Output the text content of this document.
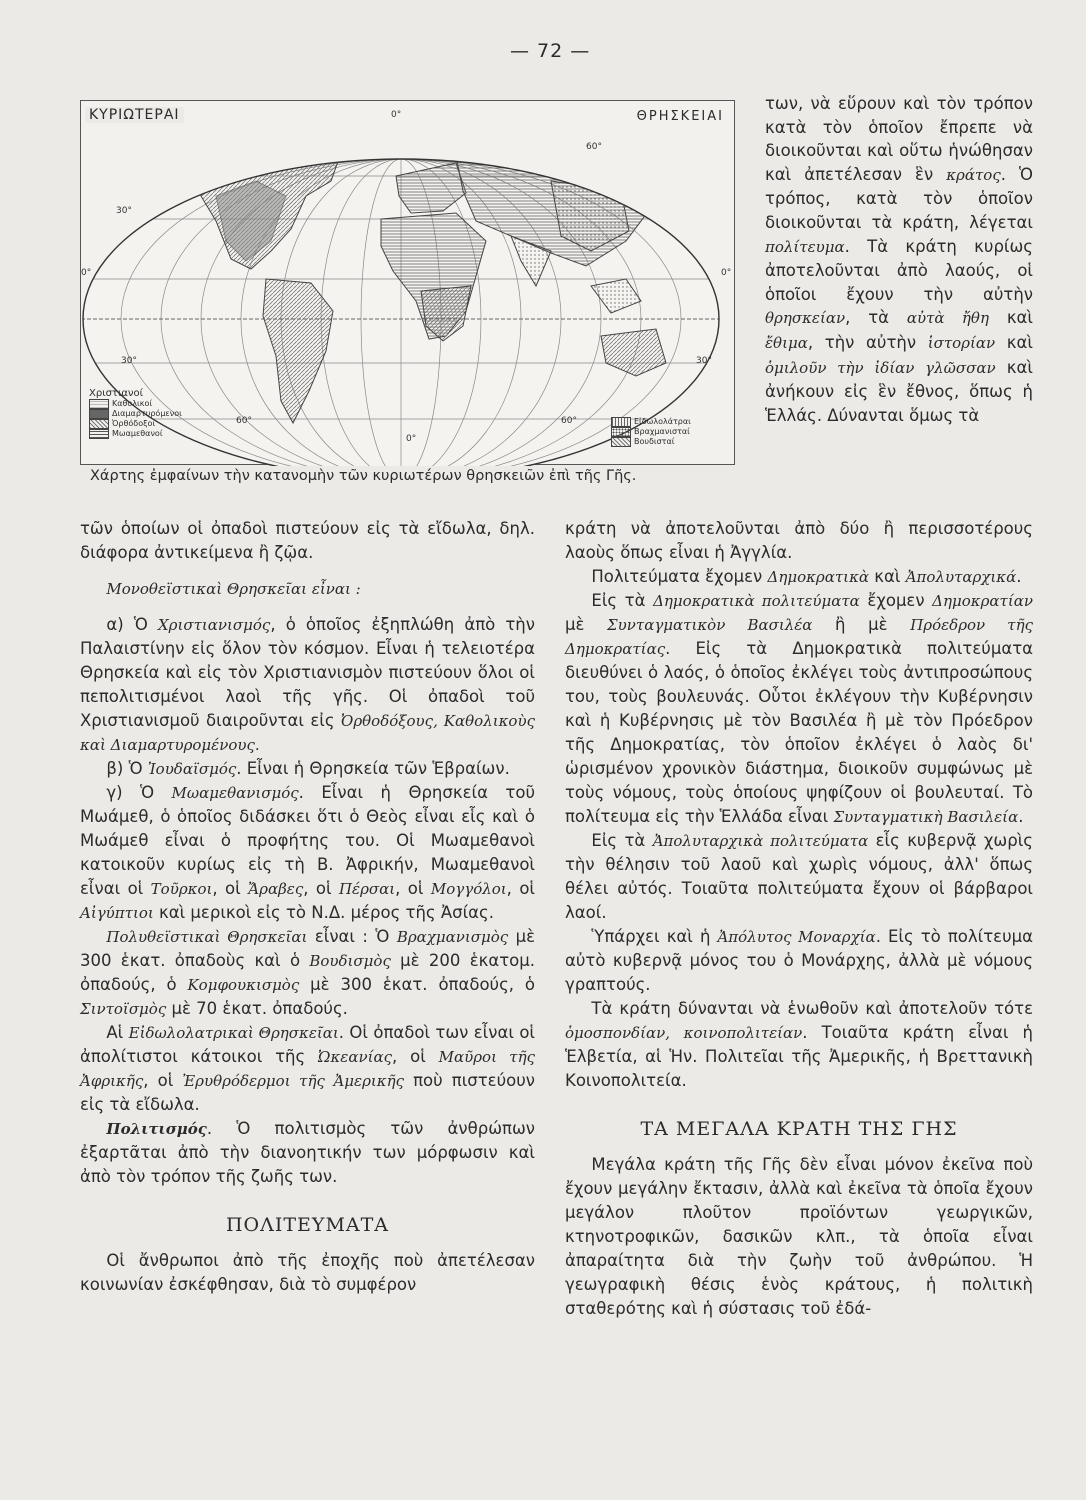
— 72 —
0°
60°
30°
0°	0°
30°	30°
60°	60°
0°
ΚΥΡΙΩΤΕΡΑΙ	ΘΡΗΣΚΕΙΑΙ
Χριστιανοί
Καθολικοί
Διαμαρτυρόμενοι
Ὀρθόδοξοι
Μωαμεθανοί
Εἰδωλολάτραι
Βραχμανισταί
Βουδισταί
Χάρτης ἐμφαίνων τὴν κατανομὴν τῶν κυριωτέρων θρησκειῶν ἐπὶ τῆς Γῆς.

των, νὰ εὕρουν καὶ τὸν τρόπον κατὰ τὸν ὁποῖον ἔπρεπε νὰ διοικοῦνται καὶ οὕτω ἡνώθησαν καὶ ἀπετέλεσαν ἓν κράτος. Ὁ τρόπος, κατὰ τὸν ὁποῖον διοικοῦνται τὰ κράτη, λέγεται πολίτευμα. Τὰ κράτη κυρίως ἀποτελοῦνται ἀπὸ λαούς, οἱ ὁποῖοι ἔχουν τὴν αὐτὴν θρησκείαν, τὰ αὐτὰ ἤθη καὶ ἔθιμα, τὴν αὐτὴν ἱστορίαν καὶ ὁμιλοῦν τὴν ἰδίαν γλῶσσαν καὶ ἀνήκουν εἰς ἓν ἔθνος, ὅπως ἡ Ἑλλάς. Δύνανται ὅμως τὰ

τῶν ὁποίων οἱ ὀπαδοὶ πιστεύουν εἰς τὰ εἴδωλα, δηλ. διάφορα ἀντικείμενα ἢ ζῷα.

Μονοθεϊστικαὶ Θρησκεῖαι εἶναι :

α) Ὁ Χριστιανισμός, ὁ ὁποῖος ἐξηπλώθη ἀπὸ τὴν Παλαιστίνην εἰς ὅλον τὸν κόσμον. Εἶναι ἡ τελειοτέρα Θρησκεία καὶ εἰς τὸν Χριστιανισμὸν πιστεύουν ὅλοι οἱ πεπολιτισμένοι λαοὶ τῆς γῆς. Οἱ ὀπαδοὶ τοῦ Χριστιανισμοῦ διαιροῦνται εἰς Ὀρθοδόξους, Καθολικοὺς καὶ Διαμαρτυρομένους.

β) Ὁ Ἰουδαϊσμός. Εἶναι ἡ Θρησκεία τῶν Ἑβραίων.

γ) Ὁ Μωαμεθανισμός. Εἶναι ἡ Θρησκεία τοῦ Μωάμεθ, ὁ ὁποῖος διδάσκει ὅτι ὁ Θεὸς εἶναι εἷς καὶ ὁ Μωάμεθ εἶναι ὁ προφήτης του. Οἱ Μωαμεθανοὶ κατοικοῦν κυρίως εἰς τὴ Β. Ἀφρικήν, Μωαμεθανοὶ εἶναι οἱ Τοῦρκοι, οἱ Ἄραβες, οἱ Πέρσαι, οἱ Μογγόλοι, οἱ Αἰγύπτιοι καὶ μερικοὶ εἰς τὸ Ν.Δ. μέρος τῆς Ἀσίας.

Πολυθεϊστικαὶ Θρησκεῖαι εἶναι : Ὁ Βραχμανισμὸς μὲ 300 ἑκατ. ὀπαδοὺς καὶ ὁ Βουδισμὸς μὲ 200 ἑκατομ. ὀπαδούς, ὁ Κομφουκισμὸς μὲ 300 ἑκατ. ὀπαδούς, ὁ Σιντοϊσμὸς μὲ 70 ἑκατ. ὀπαδούς.

Αἱ Εἰδωλολατρικαὶ Θρησκεῖαι. Οἱ ὀπαδοὶ των εἶναι οἱ ἀπολίτιστοι κάτοικοι τῆς Ὠκεανίας, οἱ Μαῦροι τῆς Ἀφρικῆς, οἱ Ἐρυθρόδερμοι τῆς Ἀμερικῆς ποὺ πιστεύουν εἰς τὰ εἴδωλα.

Πολιτισμός. Ὁ πολιτισμὸς τῶν ἀνθρώπων ἐξαρτᾶται ἀπὸ τὴν διανοητικήν των μόρφωσιν καὶ ἀπὸ τὸν τρόπον τῆς ζωῆς των.

ΠΟΛΙΤΕΥΜΑΤΑ

Οἱ ἄνθρωποι ἀπὸ τῆς ἐποχῆς ποὺ ἀπετέλεσαν κοινωνίαν ἐσκέφθησαν, διὰ τὸ συμφέρον

κράτη νὰ ἀποτελοῦνται ἀπὸ δύο ἢ περισσοτέρους λαοὺς ὅπως εἶναι ἡ Ἀγγλία.

Πολιτεύματα ἔχομεν Δημοκρατικὰ καὶ Ἀπολυταρχικά.

Εἰς τὰ Δημοκρατικὰ πολιτεύματα ἔχομεν Δημοκρατίαν μὲ Συνταγματικὸν Βασιλέα ἢ μὲ Πρόεδρον τῆς Δημοκρατίας. Εἰς τὰ Δημοκρατικὰ πολιτεύματα διευθύνει ὁ λαός, ὁ ὁποῖος ἐκλέγει τοὺς ἀντιπροσώπους του, τοὺς βουλευνάς. Οὗτοι ἐκλέγουν τὴν Κυβέρνησιν καὶ ἡ Κυβέρνησις μὲ τὸν Βασιλέα ἢ μὲ τὸν Πρόεδρον τῆς Δημοκρατίας, τὸν ὁποῖον ἐκλέγει ὁ λαὸς δι' ὡρισμένον χρονικὸν διάστημα, διοικοῦν συμφώνως μὲ τοὺς νόμους, τοὺς ὁποίους ψηφίζουν οἱ βουλευταί. Τὸ πολίτευμα εἰς τὴν Ἑλλάδα εἶναι Συνταγματικὴ Βασιλεία.

Εἰς τὰ Ἀπολυταρχικὰ πολιτεύματα εἷς κυβερνᾷ χωρὶς τὴν θέλησιν τοῦ λαοῦ καὶ χωρὶς νόμους, ἀλλ' ὅπως θέλει αὐτός. Τοιαῦτα πολιτεύματα ἔχουν οἱ βάρβαροι λαοί.

Ὑπάρχει καὶ ἡ Ἀπόλυτος Μοναρχία. Εἰς τὸ πολίτευμα αὐτὸ κυβερνᾷ μόνος του ὁ Μονάρχης, ἀλλὰ μὲ νόμους γραπτούς.

Τὰ κράτη δύνανται νὰ ἑνωθοῦν καὶ ἀποτελοῦν τότε ὁμοσπονδίαν, κοινοπολιτείαν. Τοιαῦτα κράτη εἶναι ἡ Ἑλβετία, αἱ Ἡν. Πολιτεῖαι τῆς Ἀμερικῆς, ἡ Βρεττανικὴ Κοινοπολιτεία.

ΤΑ ΜΕΓΑΛΑ ΚΡΑΤΗ ΤΗΣ ΓΗΣ

Μεγάλα κράτη τῆς Γῆς δὲν εἶναι μόνον ἐκεῖνα ποὺ ἔχουν μεγάλην ἔκτασιν, ἀλλὰ καὶ ἐκεῖνα τὰ ὁποῖα ἔχουν μεγάλον πλοῦτον προϊόντων γεωργικῶν, κτηνοτροφικῶν, δασικῶν κλπ., τὰ ὁποῖα εἶναι ἀπαραίτητα διὰ τὴν ζωὴν τοῦ ἀνθρώπου. Ἡ γεωγραφικὴ θέσις ἑνὸς κράτους, ἡ πολιτικὴ σταθερότης καὶ ἡ σύστασις τοῦ ἐδά-
